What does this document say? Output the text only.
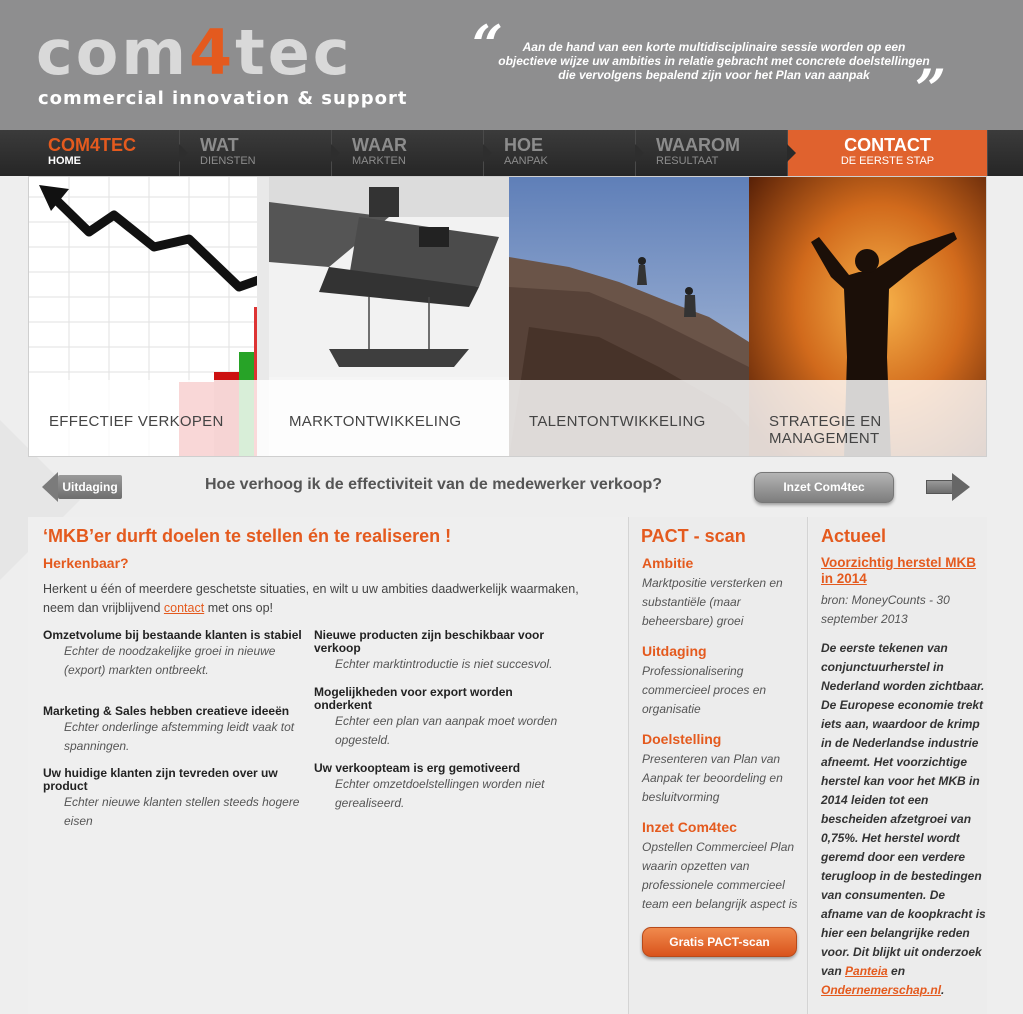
com4tec
commercial innovation & support
“	Aan de hand van een korte multidisciplinaire sessie worden op een objectieve wijze uw ambities in relatie gebracht met concrete doelstellingen die vervolgens bepalend zijn voor het Plan van aanpak ”
COM4TEC
HOME
WAT
DIENSTEN
WAAR
MARKTEN
HOE
AANPAK
WAAROM
RESULTAAT
CONTACT
DE EERSTE STAP
EFFECTIEF VERKOPEN	MARKTONTWIKKELING	TALENTONTWIKKELING	STRATEGIE EN MANAGEMENT
Uitdaging	Hoe verhoog ik de effectiviteit van de medewerker verkoop?	Inzet Com4tec
‘MKB’er durft doelen te stellen én te realiseren !
Herkenbaar?
Herkent u één of meerdere geschetste situaties, en wilt u uw ambities daadwerkelijk waarmaken, neem dan vrijblijvend contact met ons op!
Omzetvolume bij bestaande klanten is stabiel
Echter de noodzakelijke groei in nieuwe (export) markten ontbreekt.
Marketing & Sales hebben creatieve ideeën
Echter onderlinge afstemming leidt vaak tot spanningen.
Uw huidige klanten zijn tevreden over uw product
Echter nieuwe klanten stellen steeds hogere eisen
Nieuwe producten zijn beschikbaar voor verkoop
Echter marktintroductie is niet succesvol.
Mogelijkheden voor export worden onderkent
Echter een plan van aanpak moet worden opgesteld.
Uw verkoopteam is erg gemotiveerd
Echter omzetdoelstellingen worden niet gerealiseerd.
PACT - scan
Ambitie
Marktpositie versterken en substantiële (maar beheersbare) groei
Uitdaging
Professionalisering commercieel proces en organisatie
Doelstelling
Presenteren van Plan van Aanpak ter beoordeling en besluitvorming
Inzet Com4tec
Opstellen Commercieel Plan waarin opzetten van professionele commercieel team een belangrijk aspect is
Gratis PACT-scan
Actueel
Voorzichtig herstel MKB in 2014
bron: MoneyCounts - 30 september 2013
De eerste tekenen van conjunctuurherstel in Nederland worden zichtbaar. De Europese economie trekt iets aan, waardoor de krimp in de Nederlandse industrie afneemt. Het voorzichtige herstel kan voor het MKB in 2014 leiden tot een bescheiden afzetgroei van 0,75%. Het herstel wordt geremd door een verdere terugloop in de bestedingen van consumenten. De afname van de koopkracht is hier een belangrijke reden voor. Dit blijkt uit onderzoek van Panteia en Ondernemerschap.nl.
